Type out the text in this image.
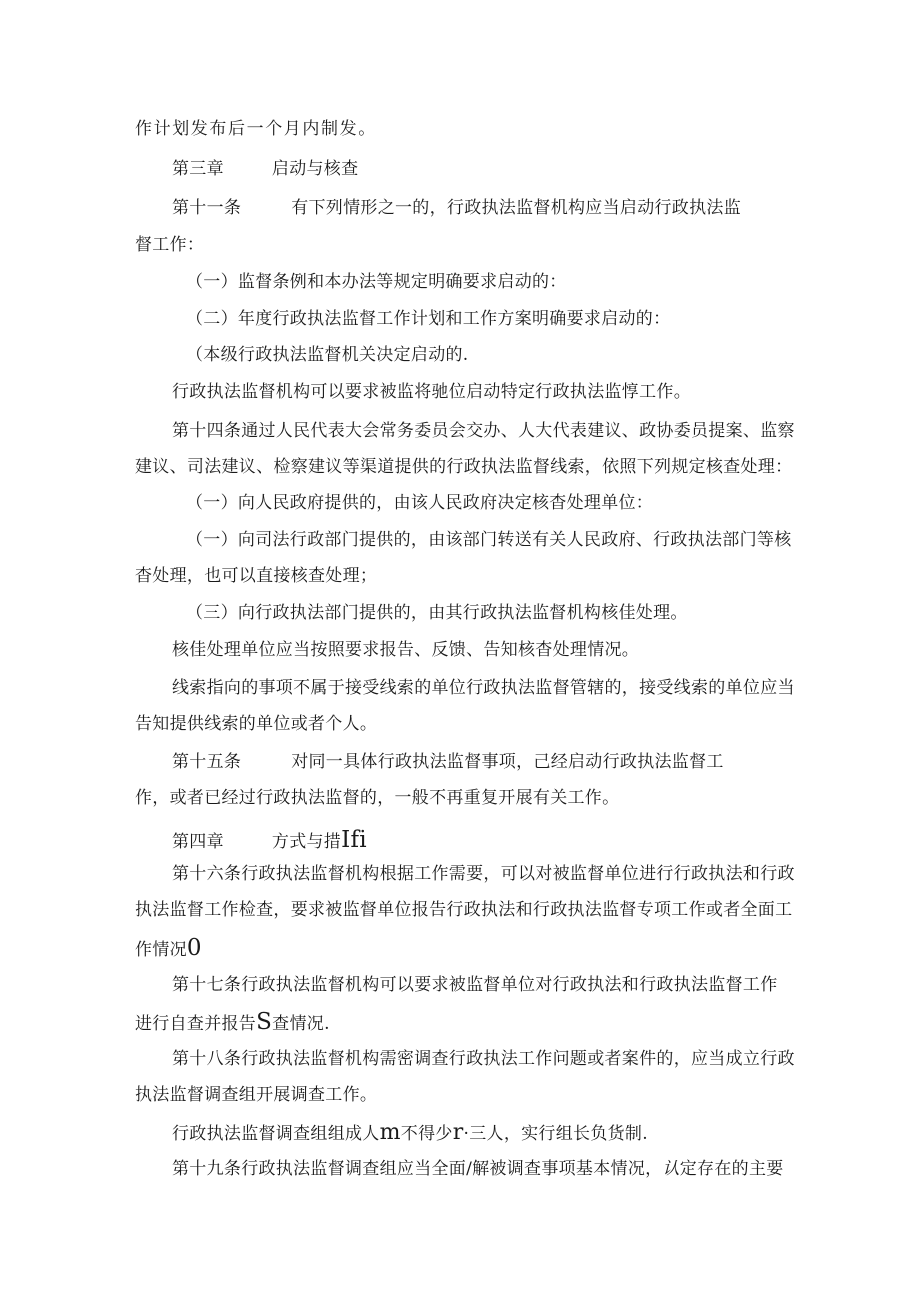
作计划发布后一个月内制发。
第三章	启动与核查
第十一条	有下列情形之一的，行政执法监督机构应当启动行政执法监
督工作：
（一）监督条例和本办法等规定明确要求启动的：
（二）年度行政执法监督工作计划和工作方案明确要求启动的：
（本级行政执法监督机关决定启动的.
行政执法监督机构可以要求被监将驰位启动特定行政执法监惇工作。
第十四条通过人民代表大会常务委员会交办、人大代表建议、政协委员提案、监察
建议、司法建议、检察建议等渠道提供的行政执法监督线索，依照下列规定核查处理：
（一）向人民政府提供的，由该人民政府决定核杳处理单位：
（一）向司法行政部门提供的，由该部门转送有关人民政府、行政执法部门等核
杳处理，也可以直接核查处理；
（三）向行政执法部门提供的，由其行政执法监督机构核佳处理。
核佳处理单位应当按照要求报告、反馈、告知核杳处理情况。
线索指向的事项不属于接受线索的单位行政执法监督管辖的，接受线索的单位应当
告知提供线索的单位或者个人。
第十五条	对同一具体行政执法监督事项，己经启动行政执法监督工
作，或者已经过行政执法监督的，一般不再重复开展有关工作。
第四章	方式与措Ifi
第十六条行政执法监督机构根据工作需要，可以对被监督单位进行行政执法和行政
执法监督工作检查，要求被监督单位报告行政执法和行政执法监督专项工作或者全面工
作情况0
第十七条行政执法监督机构可以要求被监督单位对行政执法和行政执法监督工作
进行自查并报告S查情况.
第十八条行政执法监督机构需密调查行政执法工作问题或者案件的，应当成立行政
执法监督调查组开展调查工作。
行政执法监督调查组组成人m不得少r·三人，实行组长负货制.
第十九条行政执法监督调查组应当全面/解被调查事项基本情况，认定存在的主要
